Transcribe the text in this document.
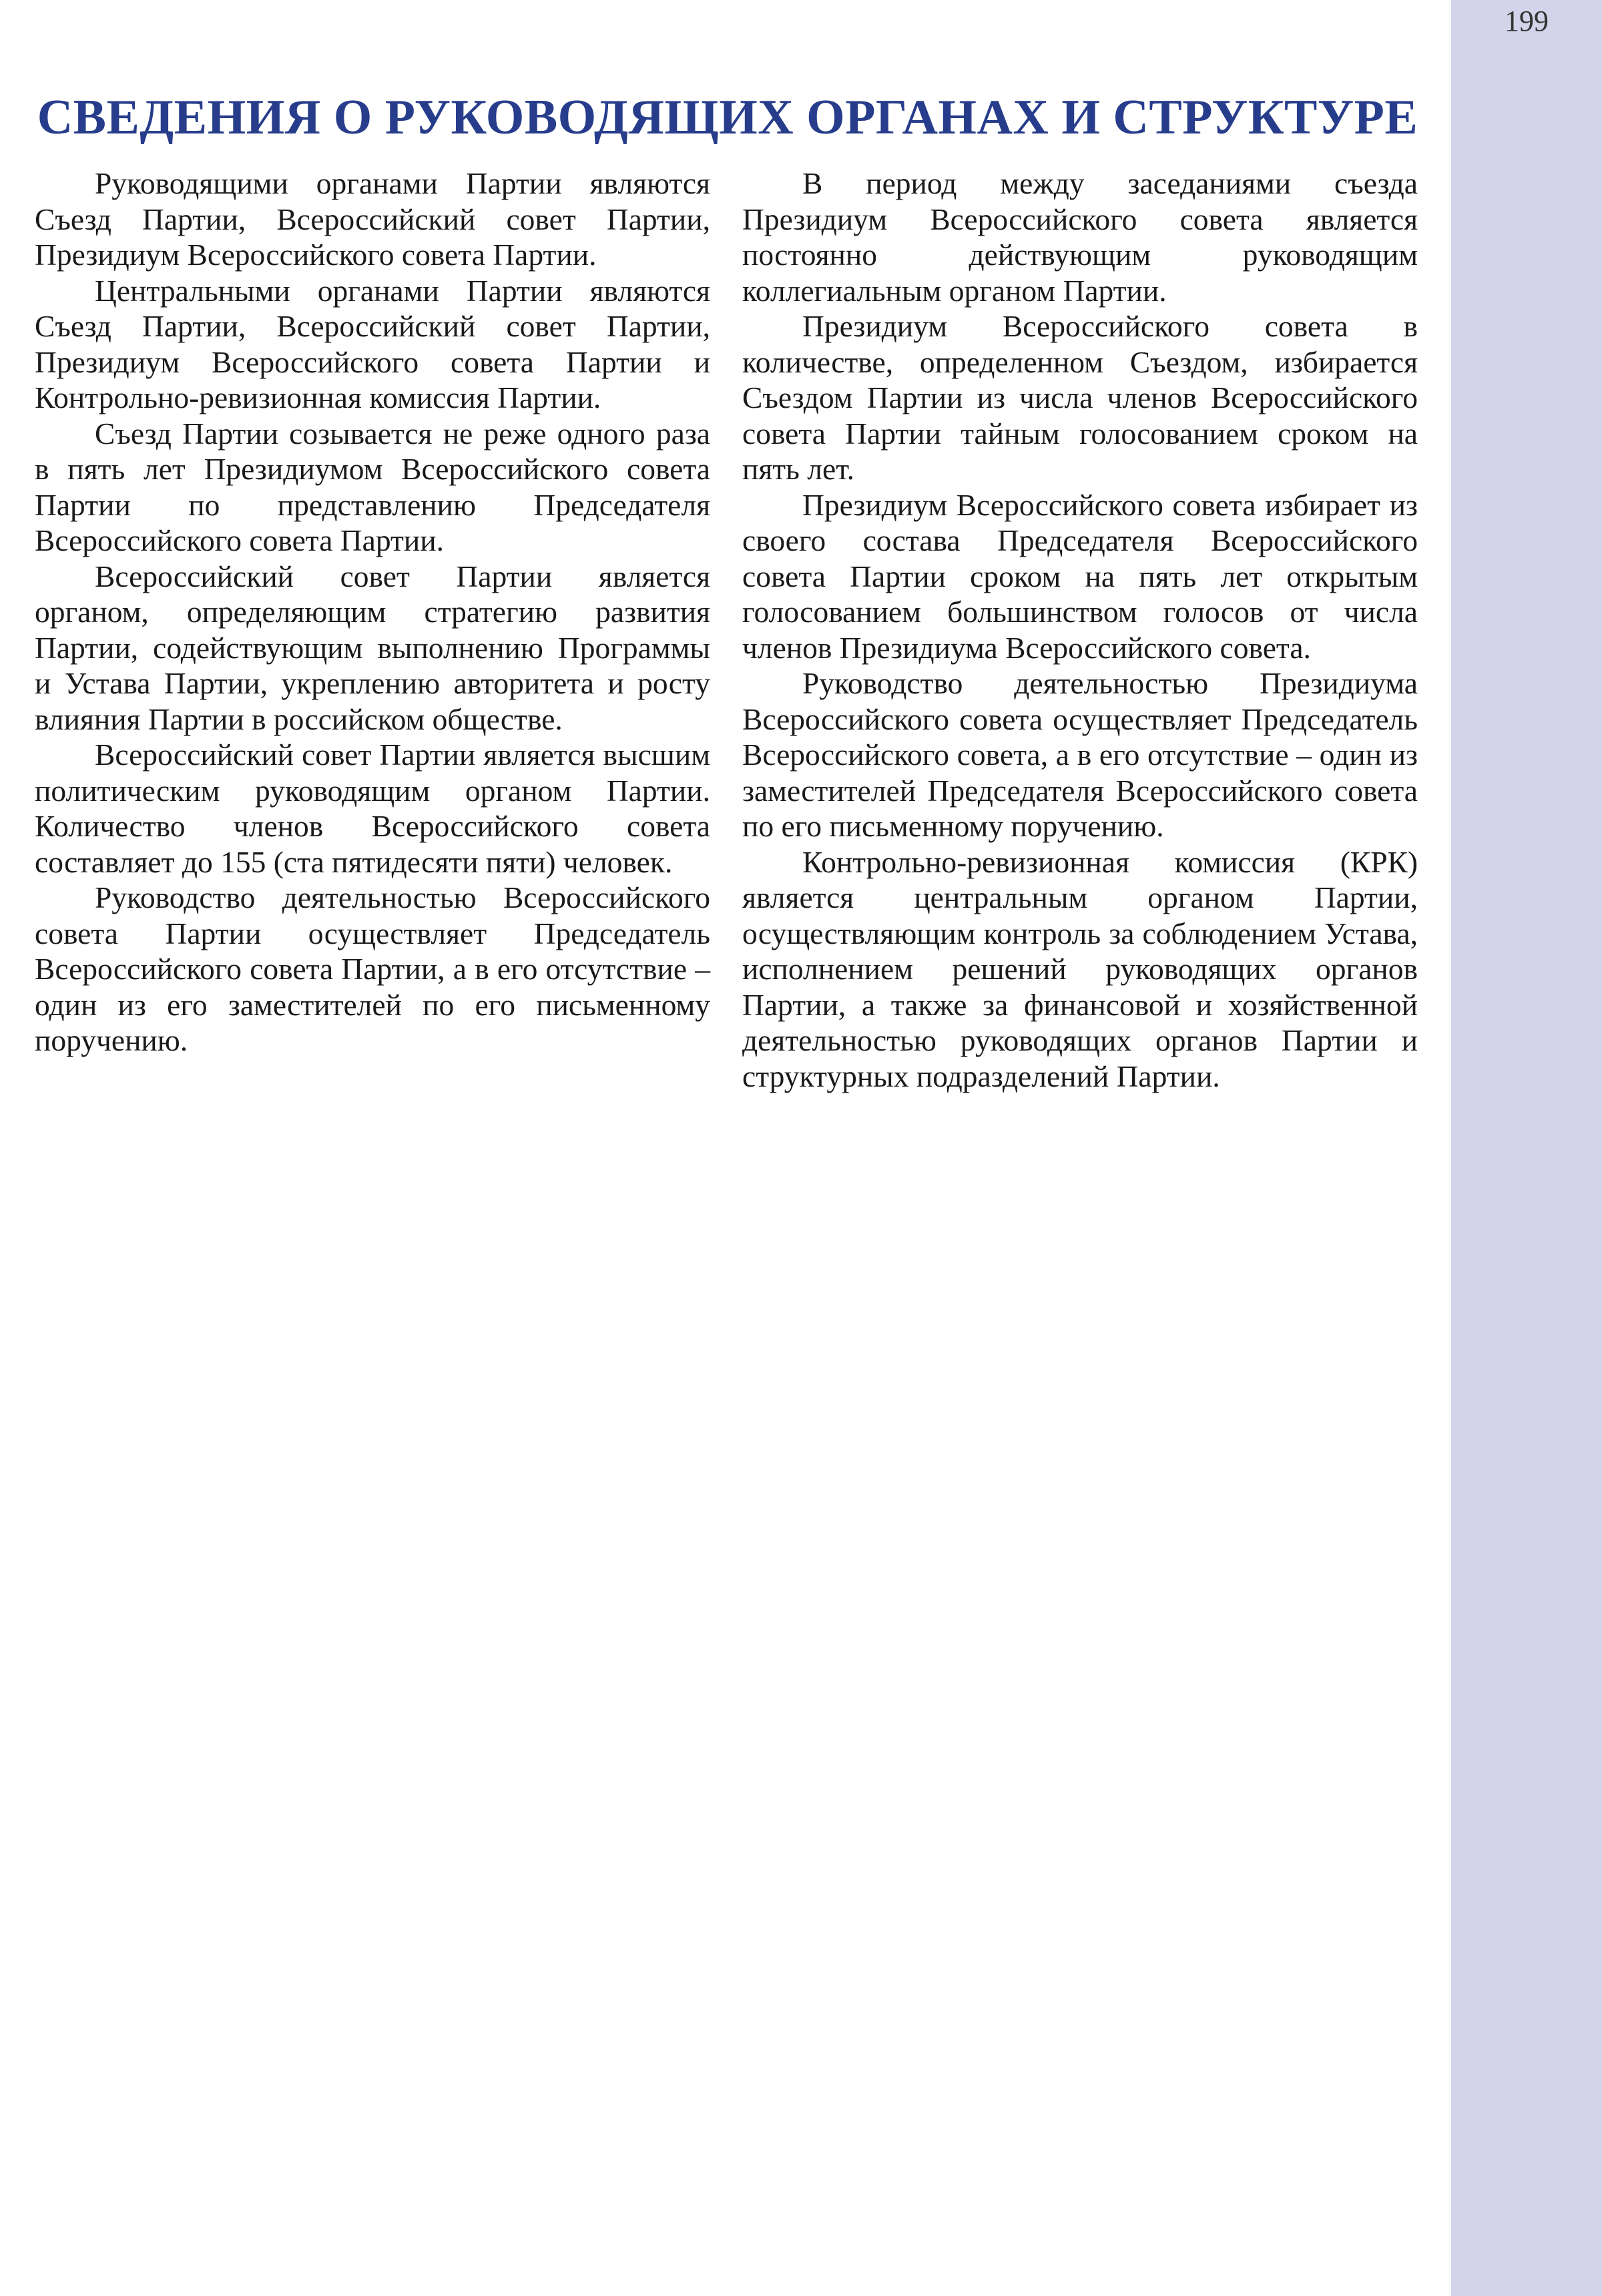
199
СВЕДЕНИЯ О РУКОВОДЯЩИХ ОРГАНАХ И СТРУКТУРЕ

Руководящими органами Партии являются Съезд Партии, Всероссийский совет Партии, Президиум Всероссийского совета Партии.

Центральными органами Партии являются Съезд Партии, Всероссийский совет Партии, Президиум Всероссийского совета Партии и Контрольно-ревизионная комиссия Партии.

Съезд Партии созывается не реже одного раза в пять лет Президиумом Всероссийского совета Партии по представлению Председателя Всероссийского совета Партии.

Всероссийский совет Партии является органом, определяющим стратегию развития Партии, содействующим выполнению Программы и Устава Партии, укреплению авторитета и росту влияния Партии в российском обществе.

Всероссийский совет Партии является высшим политическим руководящим органом Партии. Количество членов Всероссийского совета составляет до 155 (ста пятидесяти пяти) человек.

Руководство деятельностью Всероссийского совета Партии осуществляет Председатель Всероссийского совета Партии, а в его отсутствие – один из его заместителей по его письменному поручению.

В период между заседаниями съезда Президиум Всероссийского совета является постоянно действующим руководящим коллегиальным органом Партии.

Президиум Всероссийского совета в количестве, определенном Съездом, избирается Съездом Партии из числа членов Всероссийского совета Партии тайным голосованием сроком на пять лет.

Президиум Всероссийского совета избирает из своего состава Председателя Всероссийского совета Партии сроком на пять лет открытым голосованием большинством голосов от числа членов Президиума Всероссийского совета.

Руководство деятельностью Президиума Всероссийского совета осуществляет Председатель Всероссийского совета, а в его отсутствие – один из заместителей Председателя Всероссийского совета по его письменному поручению.

Контрольно-ревизионная комиссия (КРК) является центральным органом Партии, осуществляющим контроль за соблюдением Устава, исполнением решений руководящих органов Партии, а также за финансовой и хозяйственной деятельностью руководящих органов Партии и структурных подразделений Партии.
